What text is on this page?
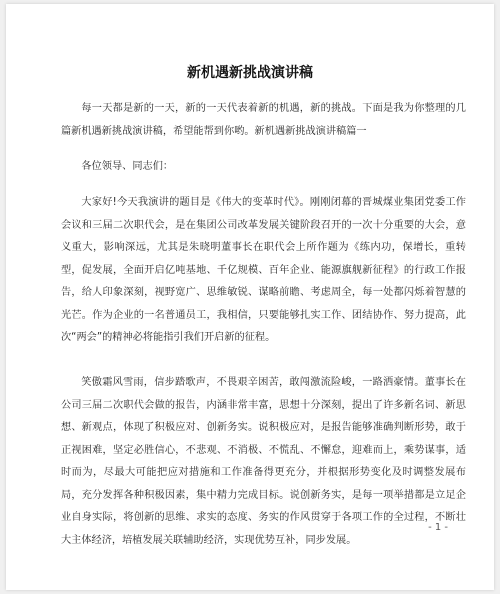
新机遇新挑战演讲稿

每一天都是新的一天，新的一天代表着新的机遇，新的挑战。下面是我为你整理的几篇新机遇新挑战演讲稿，希望能帮到你哟。新机遇新挑战演讲稿篇一

各位领导、同志们：

大家好!今天我演讲的题目是《伟大的变革时代》。刚刚闭幕的晋城煤业集团党委工作会议和三届二次职代会，是在集团公司改革发展关键阶段召开的一次十分重要的大会，意义重大，影响深远，尤其是朱晓明董事长在职代会上所作题为《练内功，保增长，重转型，促发展，全面开启亿吨基地、千亿规模、百年企业、能源旗舰新征程》的行政工作报告，给人印象深刻，视野宽广、思维敏锐、谋略前瞻、考虑周全，每一处都闪烁着智慧的光芒。作为企业的一名普通员工，我相信，只要能够扎实工作、团结协作、努力提高，此次“两会”的精神必将能指引我们开启新的征程。

笑傲霜风雪雨，信步踏歌声，不畏艰辛困苦，敢闯激流险峻，一路洒豪情。董事长在公司三届二次职代会做的报告，内涵非常丰富，思想十分深刻，提出了许多新名词、新思想、新观点，体现了积极应对、创新务实。说积极应对，是报告能够准确判断形势，敢于正视困难，坚定必胜信心，不悲观、不消极、不慌乱、不懈怠，迎难而上，乘势谋事，适时而为，尽最大可能把应对措施和工作准备得更充分，并根据形势变化及时调整发展布局，充分发挥各种积极因素，集中精力完成目标。说创新务实，是每一项举措都是立足企业自身实际，将创新的思维、求实的态度、务实的作风贯穿于各项工作的全过程，不断壮大主体经济，培植发展关联辅助经济，实现优势互补，同步发展。

- 1 -
